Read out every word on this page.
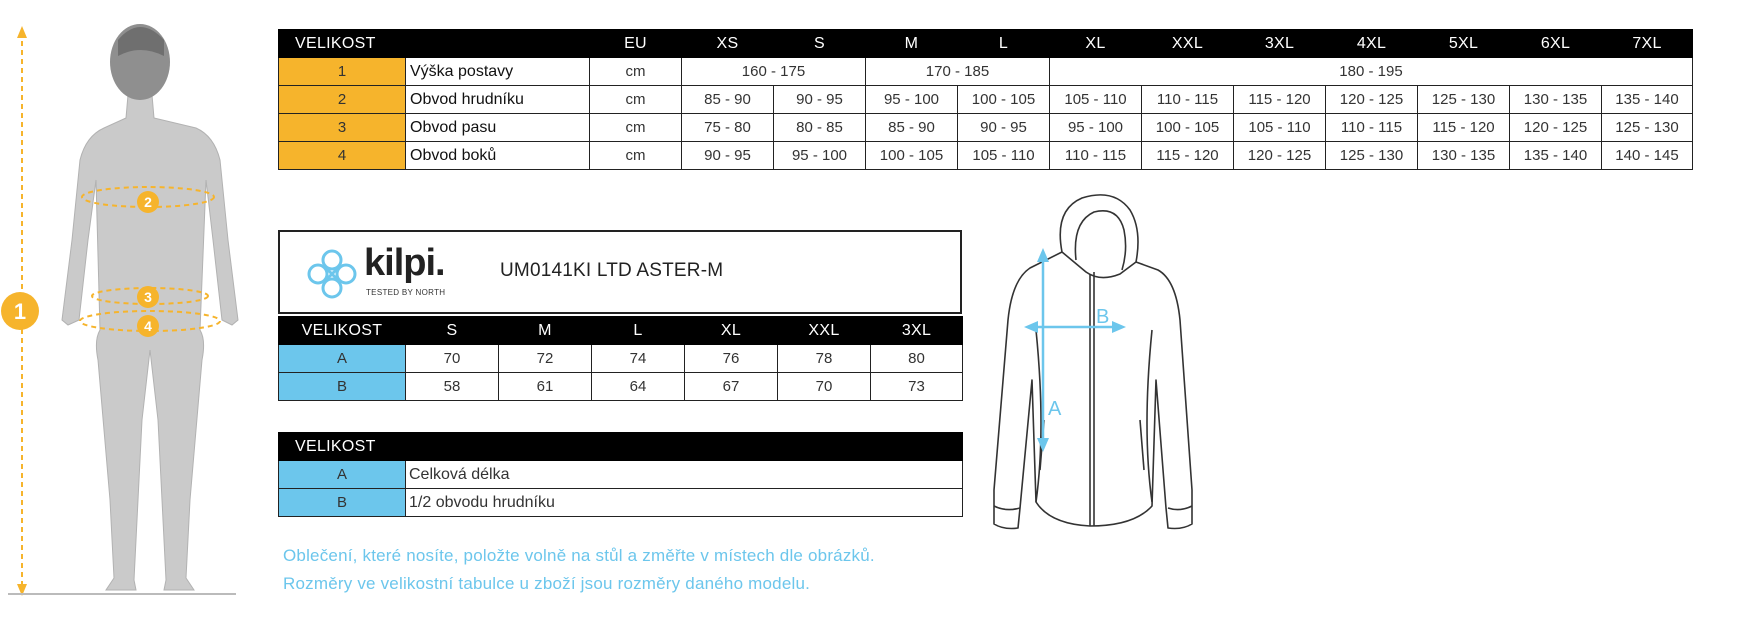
1
2
3
4
VELIKOST		EU	XS	S	M	L	XL	XXL	3XL	4XL	5XL	6XL	7XL
1	Výška postavy	cm	160 - 175		170 - 185		180 - 195						
2	Obvod hrudníku	cm	85 - 90	90 - 95	95 - 100	100 - 105	105 - 110	110 - 115	115 - 120	120 - 125	125 - 130	130 - 135	135 - 140
3	Obvod pasu	cm	75 - 80	80 - 85	85 - 90	90 - 95	95 - 100	100 - 105	105 - 110	110 - 115	115 - 120	120 - 125	125 - 130
4	Obvod boků	cm	90 - 95	95 - 100	100 - 105	105 - 110	110 - 115	115 - 120	120 - 125	125 - 130	130 - 135	135 - 140	140 - 145
kilpi.
TESTED BY NORTH
UM0141KI LTD ASTER-M
VELIKOST	S	M	L	XL	XXL	3XL
A	70	72	74	76	78	80
B	58	61	64	67	70	73
VELIKOST	
A	Celková délka
B	1/2 obvodu hrudníku
Oblečení, které nosíte, položte volně na stůl a změřte v místech dle obrázků.
Rozměry ve velikostní tabulce u zboží jsou rozměry daného modelu.
A
B
